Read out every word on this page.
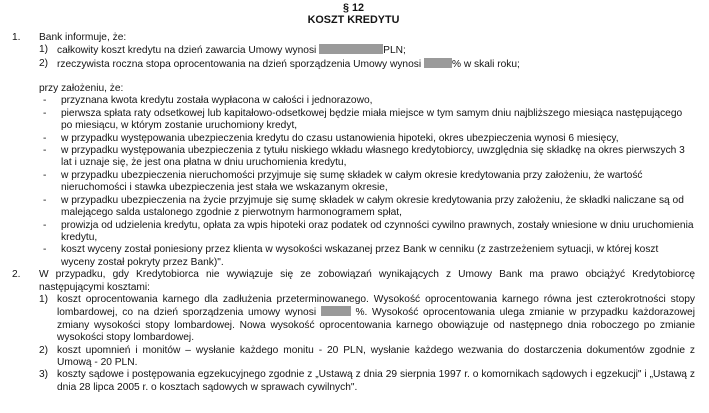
§ 12
KOSZT KREDYTU
1.	Bank informuje, że:
1) całkowity koszt kredytu na dzień zawarcia Umowy wynosi	PLN;
2) rzeczywista roczna stopa oprocentowania na dzień sporządzenia Umowy wynosi	% w skali roku;
przy założeniu, że:
-	przyznana kwota kredytu została wypłacona w całości i jednorazowo,
-	pierwsza spłata raty odsetkowej lub kapitałowo-odsetkowej będzie miała miejsce w tym samym dniu najbliższego miesiąca następującego po miesiącu, w którym zostanie uruchomiony kredyt,
-	w przypadku występowania ubezpieczenia kredytu do czasu ustanowienia hipoteki, okres ubezpieczenia wynosi 6 miesięcy,
-	w przypadku występowania ubezpieczenia z tytułu niskiego wkładu własnego kredytobiorcy, uwzględnia się składkę na okres pierwszych 3 lat i uznaje się, że jest ona płatna w dniu uruchomienia kredytu,
-	w przypadku ubezpieczenia nieruchomości przyjmuje się sumę składek w całym okresie kredytowania przy założeniu, że wartość nieruchomości i stawka ubezpieczenia jest stała we wskazanym okresie,
-	w przypadku ubezpieczenia na życie przyjmuje się sumę składek w całym okresie kredytowania przy założeniu, że składki naliczane są od malejącego salda ustalonego zgodnie z pierwotnym harmonogramem spłat,
-	prowizja od udzielenia kredytu, opłata za wpis hipoteki oraz podatek od czynności cywilno prawnych, zostały wniesione w dniu uruchomienia kredytu,
-	koszt wyceny został poniesiony przez klienta w wysokości wskazanej przez Bank w cenniku (z zastrzeżeniem sytuacji, w której koszt wyceny został pokryty przez Bank)".
2.	W przypadku, gdy Kredytobiorca nie wywiązuje się ze zobowiązań wynikających z Umowy Bank ma prawo obciążyć Kredytobiorcę następującymi kosztami:
1) koszt oprocentowania karnego dla zadłużenia przeterminowanego. Wysokość oprocentowania karnego równa jest czterokrotności stopy lombardowej, co na dzień sporządzenia umowy wynosi	%. Wysokość oprocentowania ulega zmianie w przypadku każdorazowej zmiany wysokości stopy lombardowej. Nowa wysokość oprocentowania karnego obowiązuje od następnego dnia roboczego po zmianie wysokości stopy lombardowej.
2) koszt upomnień i monitów – wysłanie każdego monitu - 20 PLN, wysłanie każdego wezwania do dostarczenia dokumentów zgodnie z Umową - 20 PLN.
3) koszty sądowe i postępowania egzekucyjnego zgodnie z „Ustawą z dnia 29 sierpnia 1997 r. o komornikach sądowych i egzekucji" i „Ustawą z dnia 28 lipca 2005 r. o kosztach sądowych w sprawach cywilnych".
